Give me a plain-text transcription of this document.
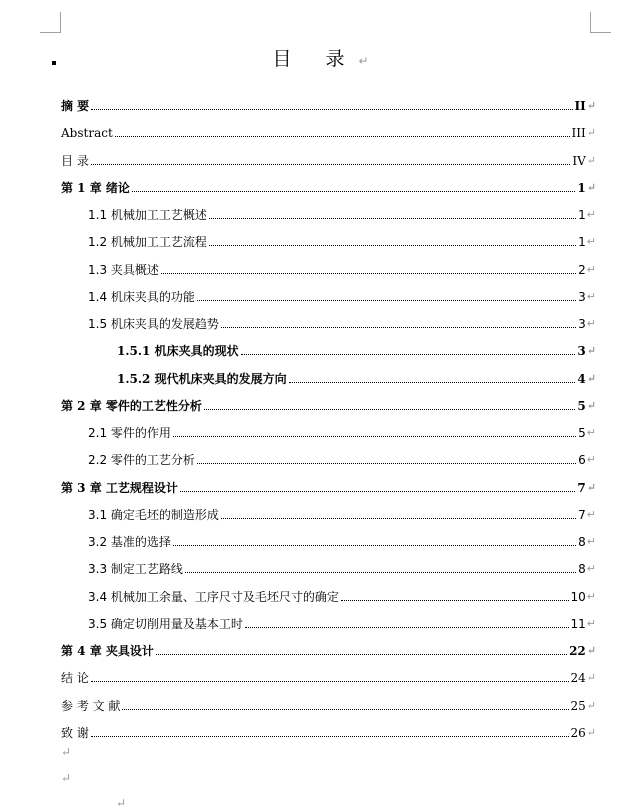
目 录↵
摘 要	II ↵
Abstract	III ↵
目 录	IV ↵
第 1 章 绪论	1 ↵
1.1 机械加工工艺概述	1 ↵
1.2 机械加工工艺流程	1 ↵
1.3 夹具概述	2 ↵
1.4 机床夹具的功能	3 ↵
1.5 机床夹具的发展趋势	3 ↵
1.5.1 机床夹具的现状	3 ↵
1.5.2 现代机床夹具的发展方向	4 ↵
第 2 章 零件的工艺性分析	5 ↵
2.1 零件的作用	5 ↵
2.2 零件的工艺分析	6 ↵
第 3 章 工艺规程设计	7 ↵
3.1 确定毛坯的制造形成	7 ↵
3.2 基准的选择	8 ↵
3.3 制定工艺路线	8 ↵
3.4 机械加工余量、工序尺寸及毛坯尺寸的确定	10 ↵
3.5 确定切削用量及基本工时	11 ↵
第 4 章 夹具设计	22 ↵
结 论	24 ↵
参 考 文 献	25 ↵
致 谢	26 ↵
↵
↵
↵
